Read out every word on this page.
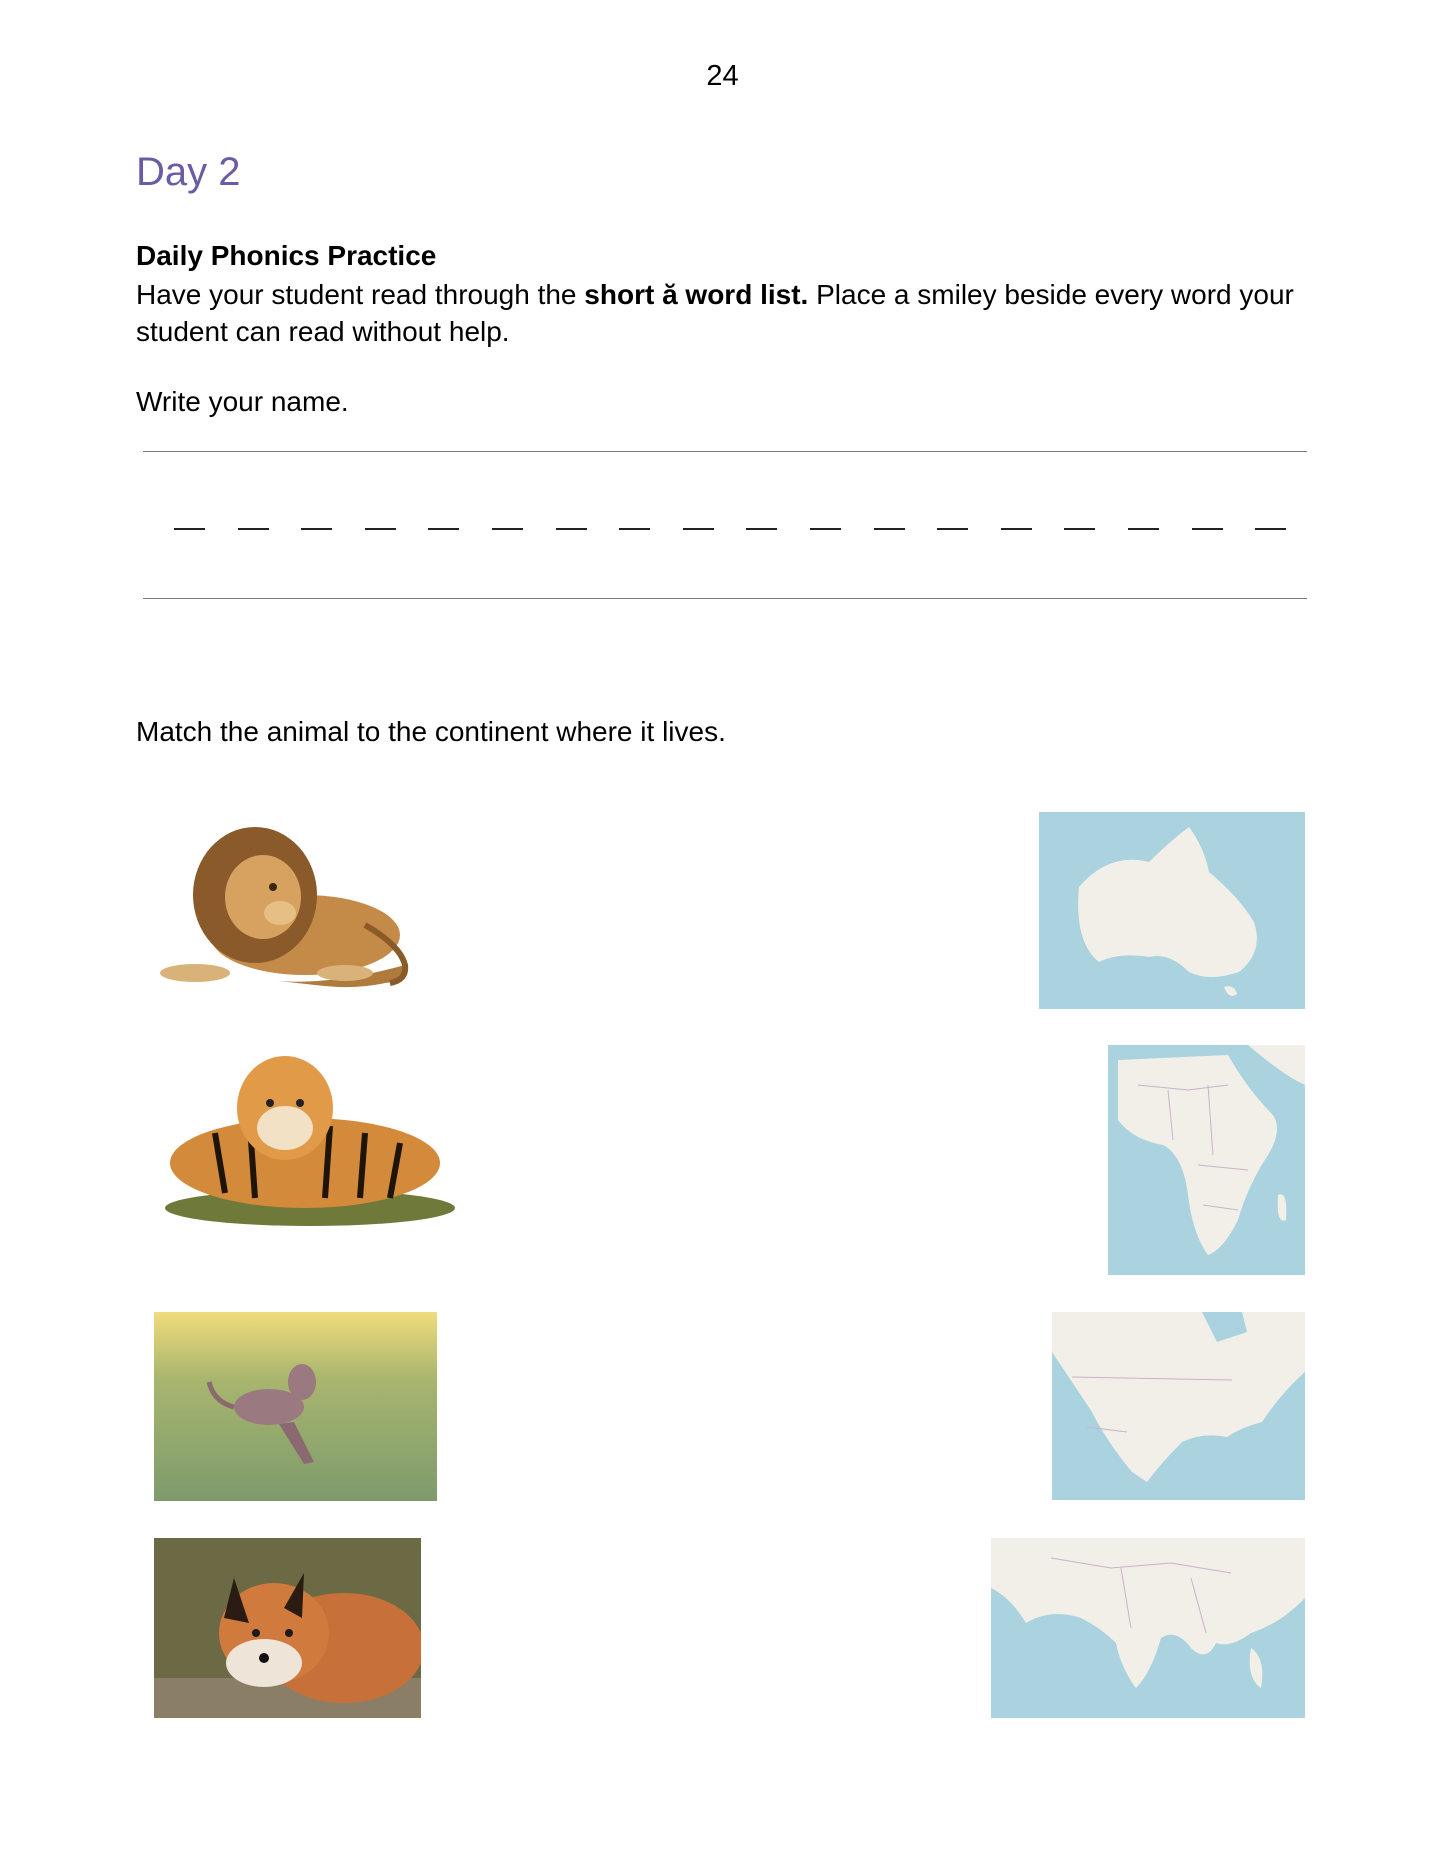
24
Day 2
Daily Phonics Practice
Have your student read through the short ă word list. Place a smiley beside every word your student can read without help.
Write your name.
Match the animal to the continent where it lives.
